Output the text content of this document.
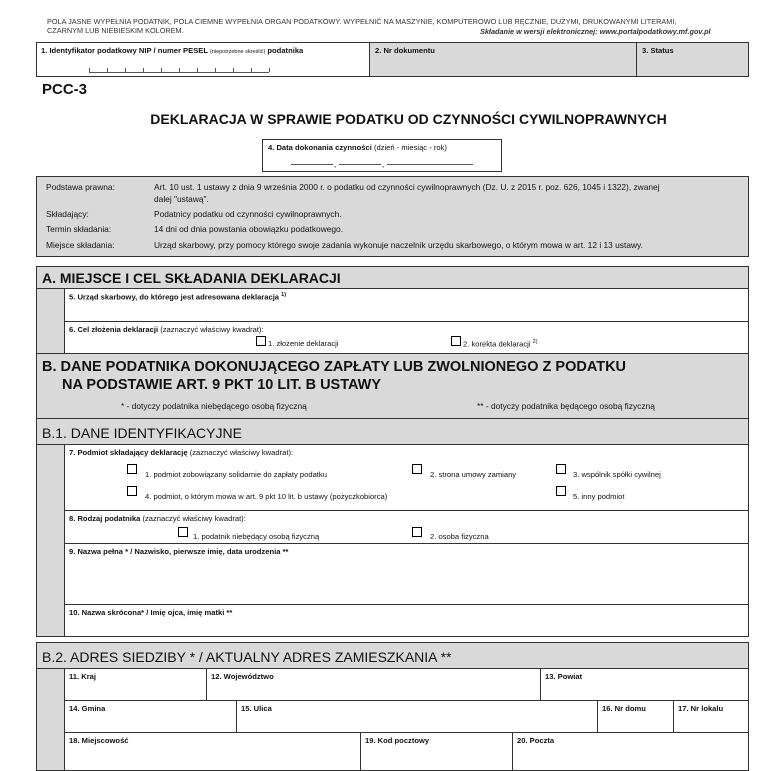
POLA JASNE WYPEŁNIA PODATNIK, POLA CIEMNE WYPEŁNIA ORGAN PODATKOWY. WYPEŁNIĆ NA MASZYNIE, KOMPUTEROWO LUB RĘCZNIE, DUŻYMI, DRUKOWANYMI LITERAMI,
CZARNYM LUB NIEBIESKIM KOLOREM.	Składanie w wersji elektronicznej: www.portalpodatkowy.mf.gov.pl
1. Identyfikator podatkowy NIP / numer PESEL (niepotrzebne skreślić) podatnika	2. Nr dokumentu	3. Status
PCC-3
DEKLARACJA W SPRAWIE PODATKU OD CZYNNOŚCI CYWILNOPRAWNYCH
4. Data dokonania czynności (dzień - miesiąc - rok)
,	,
Podstawa prawna:	Art. 10 ust. 1 ustawy z dnia 9 września 2000 r. o podatku od czynności cywilnoprawnych (Dz. U. z 2015 r. poz. 626, 1045 i 1322), zwanej
dalej "ustawą".
Składający:	Podatnicy podatku od czynności cywilnoprawnych.
Termin składania:	14 dni od dnia powstania obowiązku podatkowego.
Miejsce składania:	Urząd skarbowy, przy pomocy którego swoje zadania wykonuje naczelnik urzędu skarbowego, o którym mowa w art. 12 i 13 ustawy.
A. MIEJSCE I CEL SKŁADANIA DEKLARACJI
5. Urząd skarbowy, do którego jest adresowana deklaracja $^{1)}$
6. Cel złożenia deklaracji (zaznaczyć właściwy kwadrat):
1. złożenie deklaracji	2. korekta deklaracji $^{2)}$
B. DANE PODATNIKA DOKONUJĄCEGO ZAPŁATY LUB ZWOLNIONEGO Z PODATKU
NA PODSTAWIE ART. 9 PKT 10 LIT. B USTAWY
* - dotyczy podatnika niebędącego osobą fizyczną	** - dotyczy podatnika będącego osobą fizyczną
B.1. DANE IDENTYFIKACYJNE
7. Podmiot składający deklarację (zaznaczyć właściwy kwadrat):
1. podmiot zobowiązany solidarnie do zapłaty podatku	2. strona umowy zamiany	3. wspólnik spółki cywilnej
4. podmiot, o którym mowa w art. 9 pkt 10 lit. b ustawy (pożyczkobiorca)	5. inny podmiot
8. Rodzaj podatnika (zaznaczyć właściwy kwadrat):
1. podatnik niebędący osobą fizyczną	2. osoba fizyczna
9. Nazwa pełna * / Nazwisko, pierwsze imię, data urodzenia **
10. Nazwa skrócona* / Imię ojca, imię matki **
B.2. ADRES SIEDZIBY * / AKTUALNY ADRES ZAMIESZKANIA **
11. Kraj	12. Województwo	13. Powiat
14. Gmina	15. Ulica	16. Nr domu	17. Nr lokalu
18. Miejscowość	19. Kod pocztowy	20. Poczta
